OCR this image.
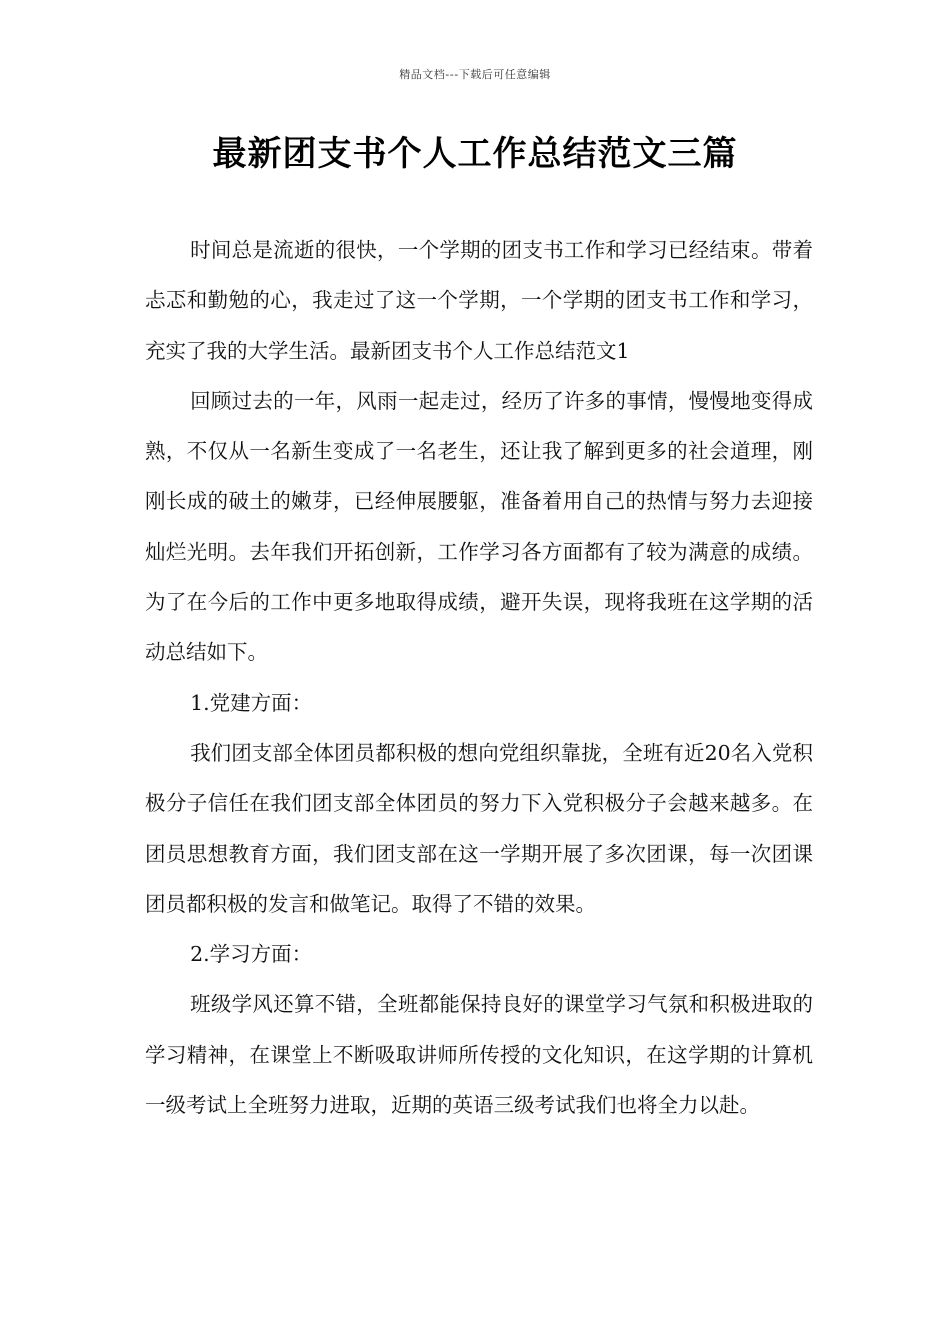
精品文档---下载后可任意编辑
最新团支书个人工作总结范文三篇

时间总是流逝的很快，一个学期的团支书工作和学习已经结束。带着忐忑和勤勉的心，我走过了这一个学期，一个学期的团支书工作和学习，充实了我的大学生活。最新团支书个人工作总结范文1

回顾过去的一年，风雨一起走过，经历了许多的事情，慢慢地变得成熟，不仅从一名新生变成了一名老生，还让我了解到更多的社会道理，刚刚长成的破土的嫩芽，已经伸展腰躯，准备着用自己的热情与努力去迎接灿烂光明。去年我们开拓创新，工作学习各方面都有了较为满意的成绩。为了在今后的工作中更多地取得成绩，避开失误，现将我班在这学期的活动总结如下。

1.党建方面：

我们团支部全体团员都积极的想向党组织靠拢，全班有近20名入党积极分子信任在我们团支部全体团员的努力下入党积极分子会越来越多。在团员思想教育方面，我们团支部在这一学期开展了多次团课，每一次团课团员都积极的发言和做笔记。取得了不错的效果。

2.学习方面：

班级学风还算不错，全班都能保持良好的课堂学习气氛和积极进取的学习精神，在课堂上不断吸取讲师所传授的文化知识，在这学期的计算机一级考试上全班努力进取，近期的英语三级考试我们也将全力以赴。
